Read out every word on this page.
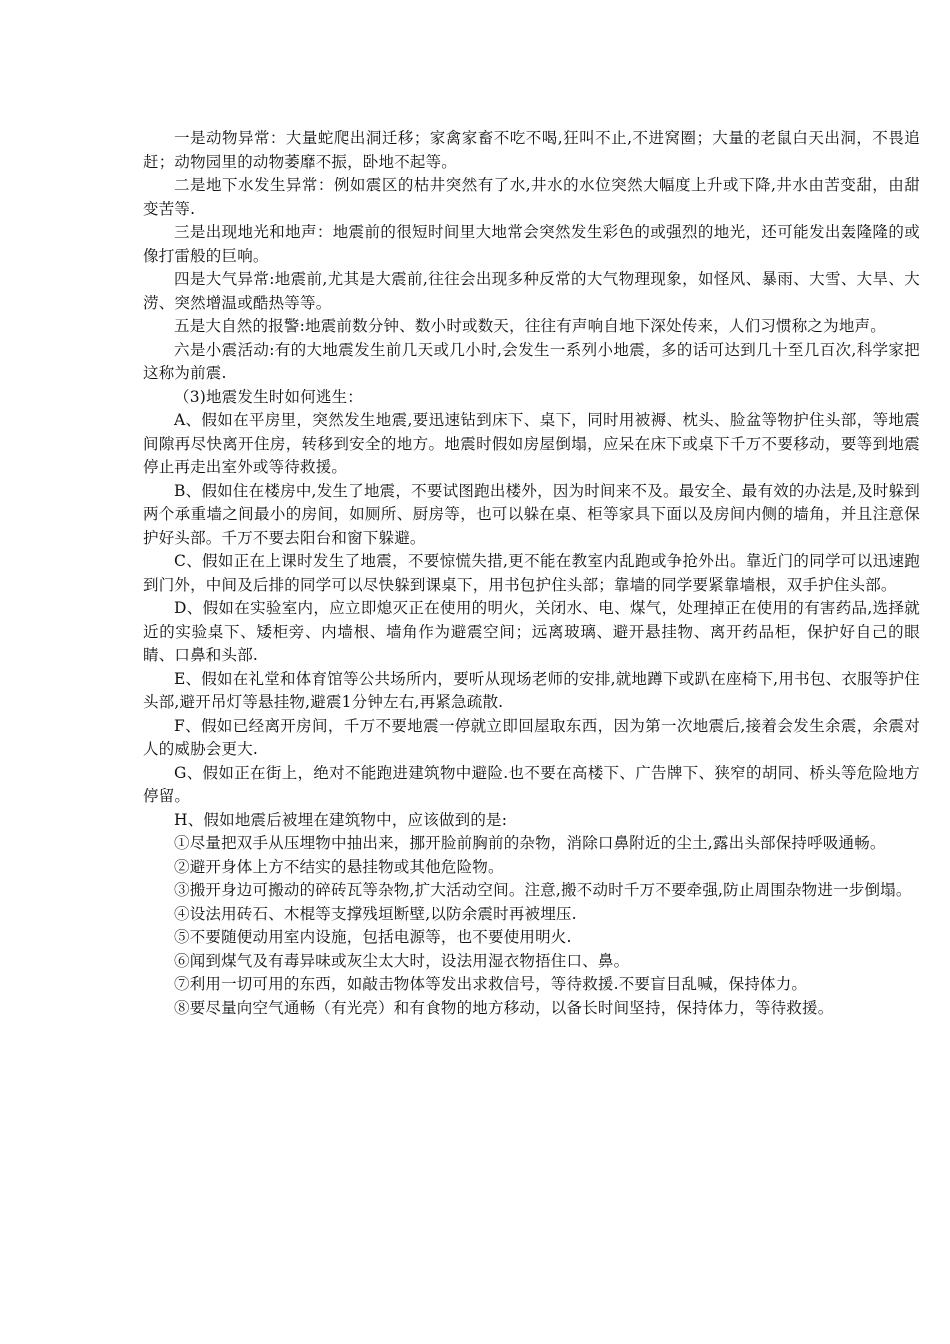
一是动物异常：大量蛇爬出洞迁移；家禽家畜不吃不喝,狂叫不止,不进窝圈；大量的老鼠白天出洞，不畏追赶；动物园里的动物萎靡不振，卧地不起等。

二是地下水发生异常：例如震区的枯井突然有了水,井水的水位突然大幅度上升或下降,井水由苦变甜，由甜变苦等.

三是出现地光和地声：地震前的很短时间里大地常会突然发生彩色的或强烈的地光，还可能发出轰隆隆的或像打雷般的巨响。

四是大气异常:地震前,尤其是大震前,往往会出现多种反常的大气物理现象，如怪风、暴雨、大雪、大旱、大涝、突然增温或酷热等等。

五是大自然的报警:地震前数分钟、数小时或数天，往往有声响自地下深处传来，人们习惯称之为地声。

六是小震活动:有的大地震发生前几天或几小时,会发生一系列小地震，多的话可达到几十至几百次,科学家把这称为前震.

（3)地震发生时如何逃生：

A、假如在平房里，突然发生地震,要迅速钻到床下、桌下，同时用被褥、枕头、脸盆等物护住头部，等地震间隙再尽快离开住房，转移到安全的地方。地震时假如房屋倒塌，应呆在床下或桌下千万不要移动，要等到地震停止再走出室外或等待救援。

B、假如住在楼房中,发生了地震，不要试图跑出楼外，因为时间来不及。最安全、最有效的办法是,及时躲到两个承重墙之间最小的房间，如厕所、厨房等，也可以躲在桌、柜等家具下面以及房间内侧的墙角，并且注意保护好头部。千万不要去阳台和窗下躲避。

C、假如正在上课时发生了地震，不要惊慌失措,更不能在教室内乱跑或争抢外出。靠近门的同学可以迅速跑到门外，中间及后排的同学可以尽快躲到课桌下，用书包护住头部；靠墙的同学要紧靠墙根，双手护住头部。

D、假如在实验室内，应立即熄灭正在使用的明火，关闭水、电、煤气，处理掉正在使用的有害药品,选择就近的实验桌下、矮柜旁、内墙根、墙角作为避震空间；远离玻璃、避开悬挂物、离开药品柜，保护好自己的眼睛、口鼻和头部.

E、假如在礼堂和体育馆等公共场所内，要听从现场老师的安排,就地蹲下或趴在座椅下,用书包、衣服等护住头部,避开吊灯等悬挂物,避震1分钟左右,再紧急疏散.

F、假如已经离开房间，千万不要地震一停就立即回屋取东西，因为第一次地震后,接着会发生余震，余震对人的威胁会更大.

G、假如正在街上，绝对不能跑进建筑物中避险.也不要在高楼下、广告牌下、狭窄的胡同、桥头等危险地方停留。

H、假如地震后被埋在建筑物中，应该做到的是:

①尽量把双手从压埋物中抽出来，挪开脸前胸前的杂物，消除口鼻附近的尘土,露出头部保持呼吸通畅。

②避开身体上方不结实的悬挂物或其他危险物。

③搬开身边可搬动的碎砖瓦等杂物,扩大活动空间。注意,搬不动时千万不要牵强,防止周围杂物进一步倒塌。

④设法用砖石、木棍等支撑残垣断壁,以防余震时再被埋压.

⑤不要随便动用室内设施，包括电源等，也不要使用明火.

⑥闻到煤气及有毒异味或灰尘太大时，设法用湿衣物捂住口、鼻。

⑦利用一切可用的东西，如敲击物体等发出求救信号，等待救援.不要盲目乱喊，保持体力。

⑧要尽量向空气通畅（有光亮）和有食物的地方移动，以备长时间坚持，保持体力，等待救援。
